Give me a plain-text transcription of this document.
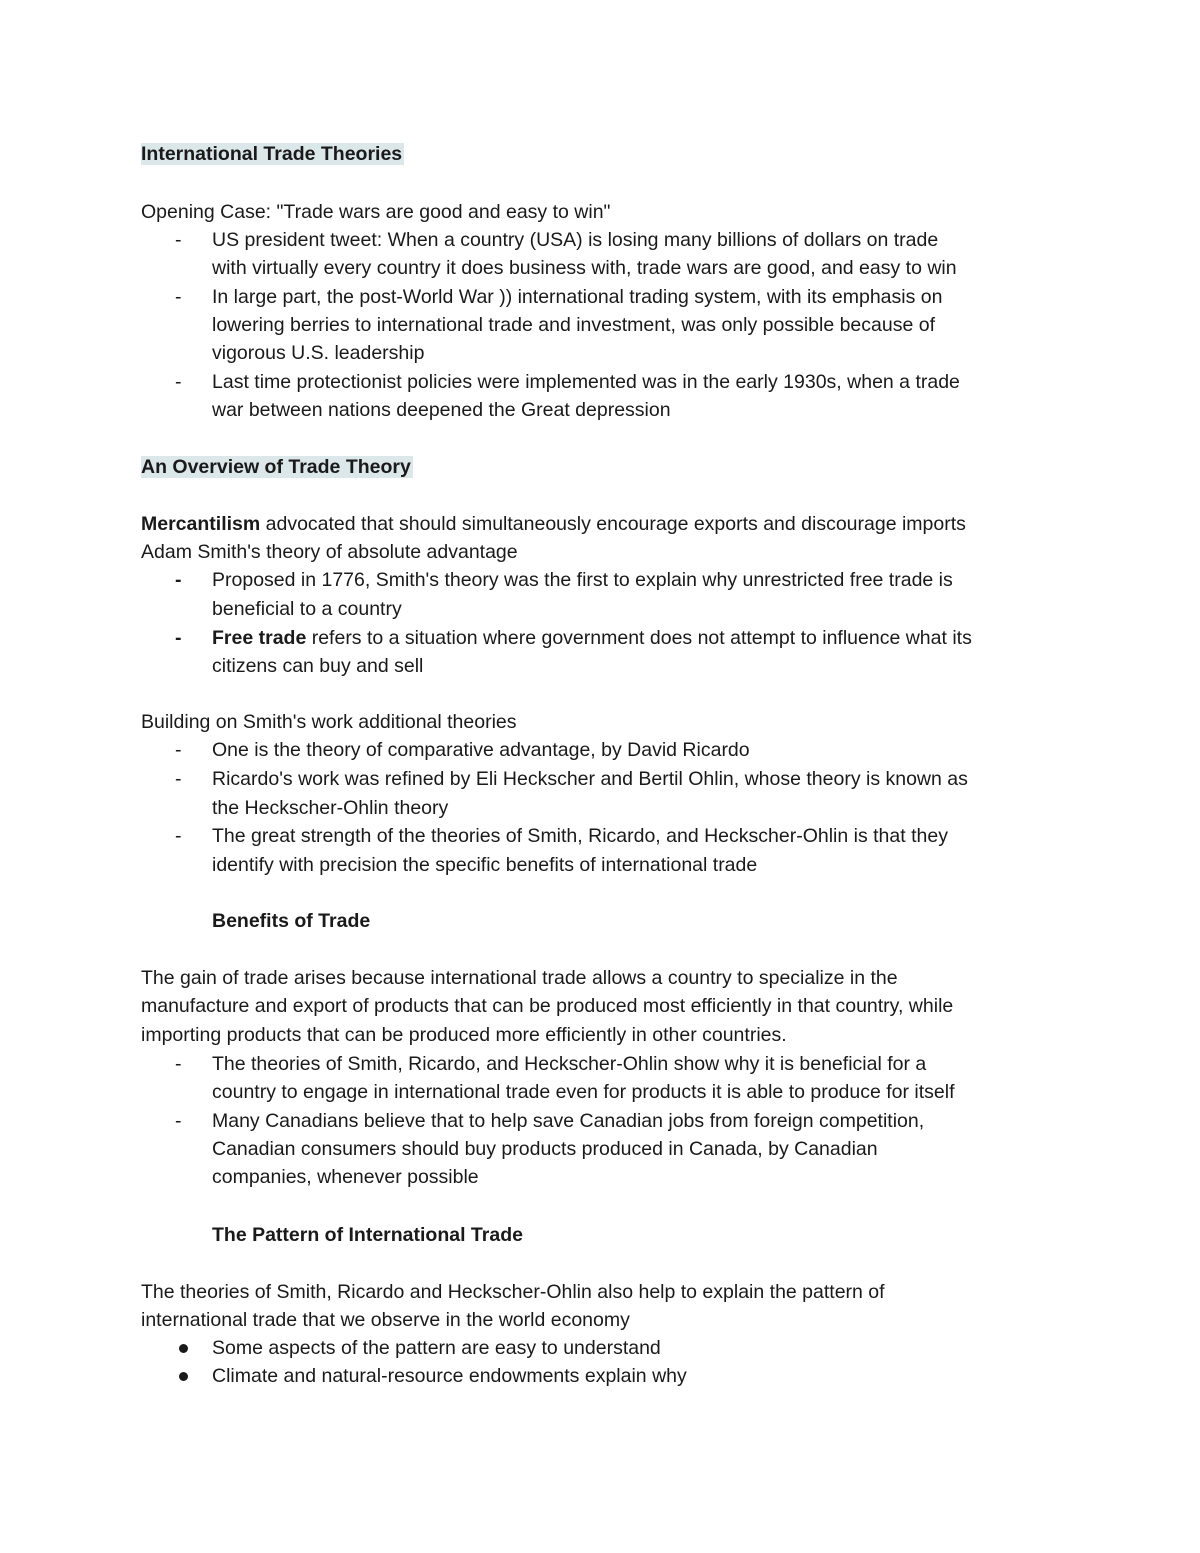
International Trade Theories
Opening Case: "Trade wars are good and easy to win"
-	US president tweet: When a country (USA) is losing many billions of dollars on trade
with virtually every country it does business with, trade wars are good, and easy to win
-	In large part, the post-World War )) international trading system, with its emphasis on
lowering berries to international trade and investment, was only possible because of
vigorous U.S. leadership
-	Last time protectionist policies were implemented was in the early 1930s, when a trade
war between nations deepened the Great depression
An Overview of Trade Theory
Mercantilism advocated that should simultaneously encourage exports and discourage imports
Adam Smith's theory of absolute advantage
-	Proposed in 1776, Smith's theory was the first to explain why unrestricted free trade is
beneficial to a country
-	Free trade refers to a situation where government does not attempt to influence what its
citizens can buy and sell
Building on Smith's work additional theories
-	One is the theory of comparative advantage, by David Ricardo
-	Ricardo's work was refined by Eli Heckscher and Bertil Ohlin, whose theory is known as
the Heckscher-Ohlin theory
-	The great strength of the theories of Smith, Ricardo, and Heckscher-Ohlin is that they
identify with precision the specific benefits of international trade
Benefits of Trade
The gain of trade arises because international trade allows a country to specialize in the
manufacture and export of products that can be produced most efficiently in that country, while
importing products that can be produced more efficiently in other countries.
-	The theories of Smith, Ricardo, and Heckscher-Ohlin show why it is beneficial for a
country to engage in international trade even for products it is able to produce for itself
-	Many Canadians believe that to help save Canadian jobs from foreign competition,
Canadian consumers should buy products produced in Canada, by Canadian
companies, whenever possible
The Pattern of International Trade
The theories of Smith, Ricardo and Heckscher-Ohlin also help to explain the pattern of
international trade that we observe in the world economy
Some aspects of the pattern are easy to understand
Climate and natural-resource endowments explain why
